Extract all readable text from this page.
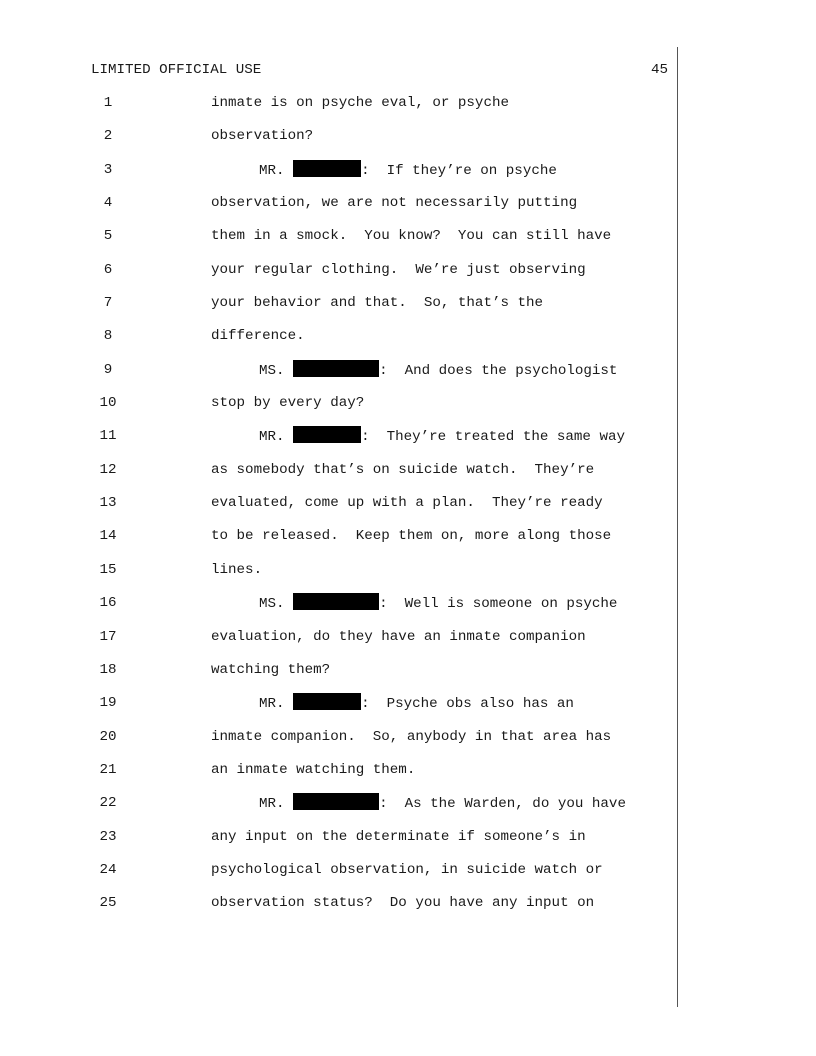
LIMITED OFFICIAL USE	45
1	inmate is on psyche eval, or psyche
2	observation?
3	MR.	:  If they’re on psyche
4	observation, we are not necessarily putting
5	them in a smock.  You know?  You can still have
6	your regular clothing.  We’re just observing
7	your behavior and that.  So, that’s the
8	difference.
9	MS.	:  And does the psychologist
10	stop by every day?
11	MR.	:  They’re treated the same way
12	as somebody that’s on suicide watch.  They’re
13	evaluated, come up with a plan.  They’re ready
14	to be released.  Keep them on, more along those
15	lines.
16	MS.	:  Well is someone on psyche
17	evaluation, do they have an inmate companion
18	watching them?
19	MR.	:  Psyche obs also has an
20	inmate companion.  So, anybody in that area has
21	an inmate watching them.
22	MR.	:  As the Warden, do you have
23	any input on the determinate if someone’s in
24	psychological observation, in suicide watch or
25	observation status?  Do you have any input on
